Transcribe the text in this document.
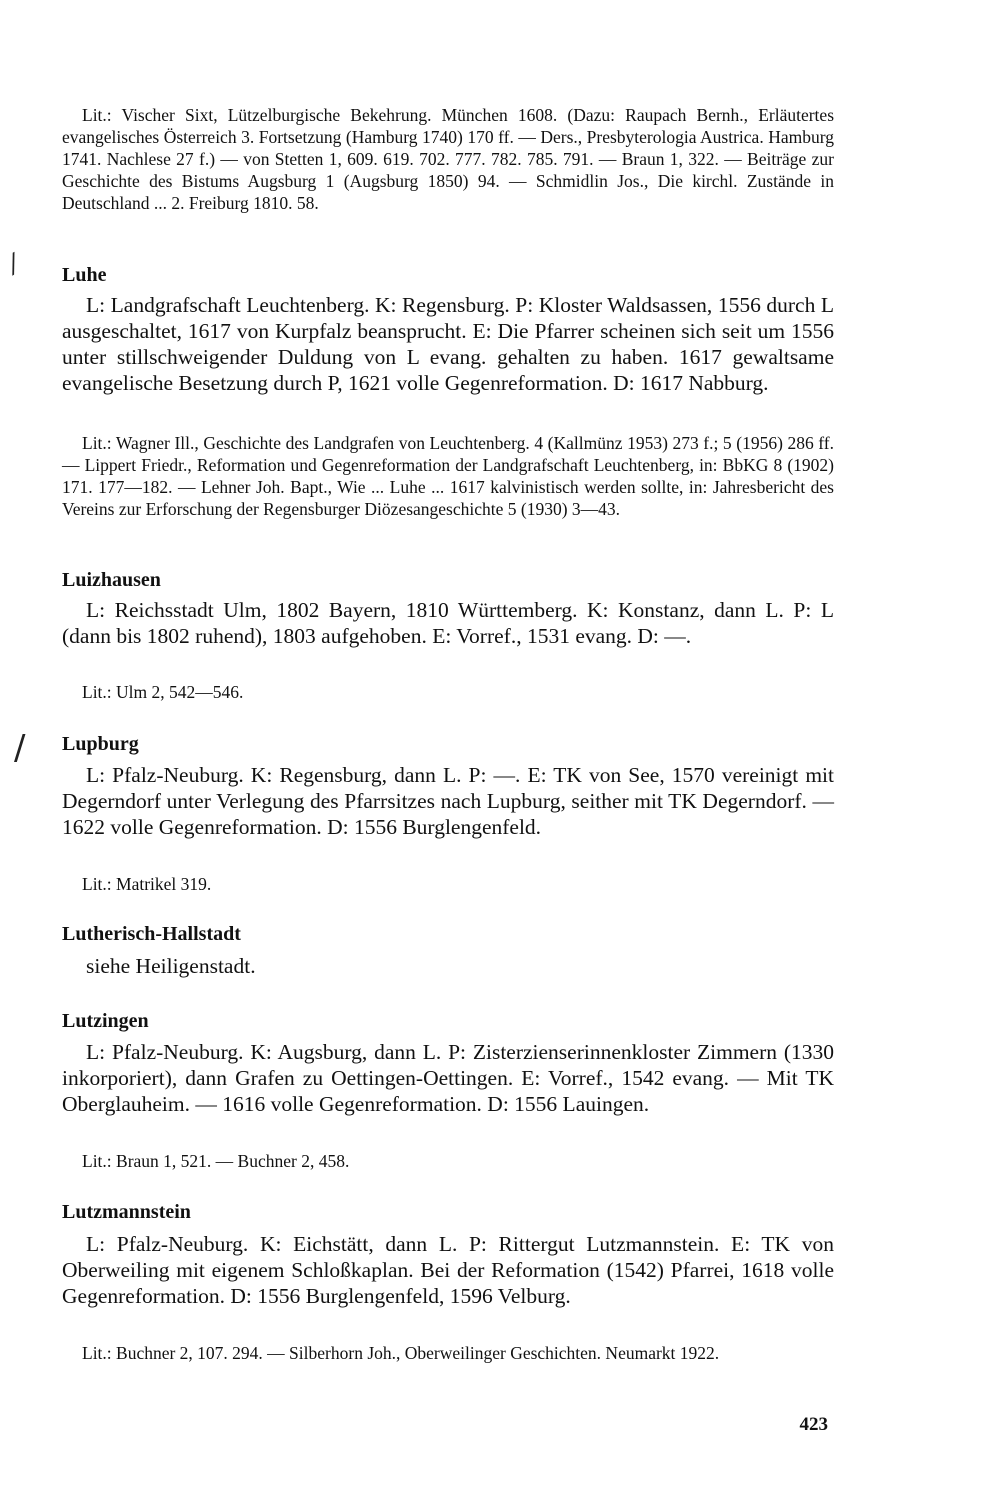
Lit.: Vischer Sixt, Lützelburgische Bekehrung. München 1608. (Dazu: Raupach Bernh., Erläutertes evangelisches Österreich 3. Fortsetzung (Hamburg 1740) 170 ff. — Ders., Presbyterologia Austrica. Hamburg 1741. Nachlese 27 f.) — von Stetten 1, 609. 619. 702. 777. 782. 785. 791. — Braun 1, 322. — Beiträge zur Geschichte des Bistums Augsburg 1 (Augsburg 1850) 94. — Schmidlin Jos., Die kirchl. Zustände in Deutschland ... 2. Freiburg 1810. 58.

⁄ Luhe

L: Landgrafschaft Leuchtenberg. K: Regensburg. P: Kloster Waldsassen, 1556 durch L ausgeschaltet, 1617 von Kurpfalz beansprucht. E: Die Pfarrer scheinen sich seit um 1556 unter stillschweigender Duldung von L evang. gehalten zu haben. 1617 gewaltsame evangelische Besetzung durch P, 1621 volle Gegenreformation. D: 1617 Nabburg.

Lit.: Wagner Ill., Geschichte des Landgrafen von Leuchtenberg. 4 (Kallmünz 1953) 273 f.; 5 (1956) 286 ff. — Lippert Friedr., Reformation und Gegenreformation der Landgrafschaft Leuchtenberg, in: BbKG 8 (1902) 171. 177—182. — Lehner Joh. Bapt., Wie ... Luhe ... 1617 kalvinistisch werden sollte, in: Jahresbericht des Vereins zur Erforschung der Regensburger Diözesangeschichte 5 (1930) 3—43.

Luizhausen

L: Reichsstadt Ulm, 1802 Bayern, 1810 Württemberg. K: Konstanz, dann L. P: L (dann bis 1802 ruhend), 1803 aufgehoben. E: Vorref., 1531 evang. D: —.

Lit.: Ulm 2, 542—546.

/ Lupburg

L: Pfalz-Neuburg. K: Regensburg, dann L. P: —. E: TK von See, 1570 vereinigt mit Degerndorf unter Verlegung des Pfarrsitzes nach Lupburg, seither mit TK Degerndorf. — 1622 volle Gegenreformation. D: 1556 Burglengenfeld.

Lit.: Matrikel 319.

Lutherisch-Hallstadt

siehe Heiligenstadt.

Lutzingen

L: Pfalz-Neuburg. K: Augsburg, dann L. P: Zisterzienserinnenkloster Zimmern (1330 inkorporiert), dann Grafen zu Oettingen-Oettingen. E: Vorref., 1542 evang. — Mit TK Oberglauheim. — 1616 volle Gegenreformation. D: 1556 Lauingen.

Lit.: Braun 1, 521. — Buchner 2, 458.

Lutzmannstein

L: Pfalz-Neuburg. K: Eichstätt, dann L. P: Rittergut Lutzmannstein. E: TK von Oberweiling mit eigenem Schloßkaplan. Bei der Reformation (1542) Pfarrei, 1618 volle Gegenreformation. D: 1556 Burglengenfeld, 1596 Velburg.

Lit.: Buchner 2, 107. 294. — Silberhorn Joh., Oberweilinger Geschichten. Neumarkt 1922.

423
